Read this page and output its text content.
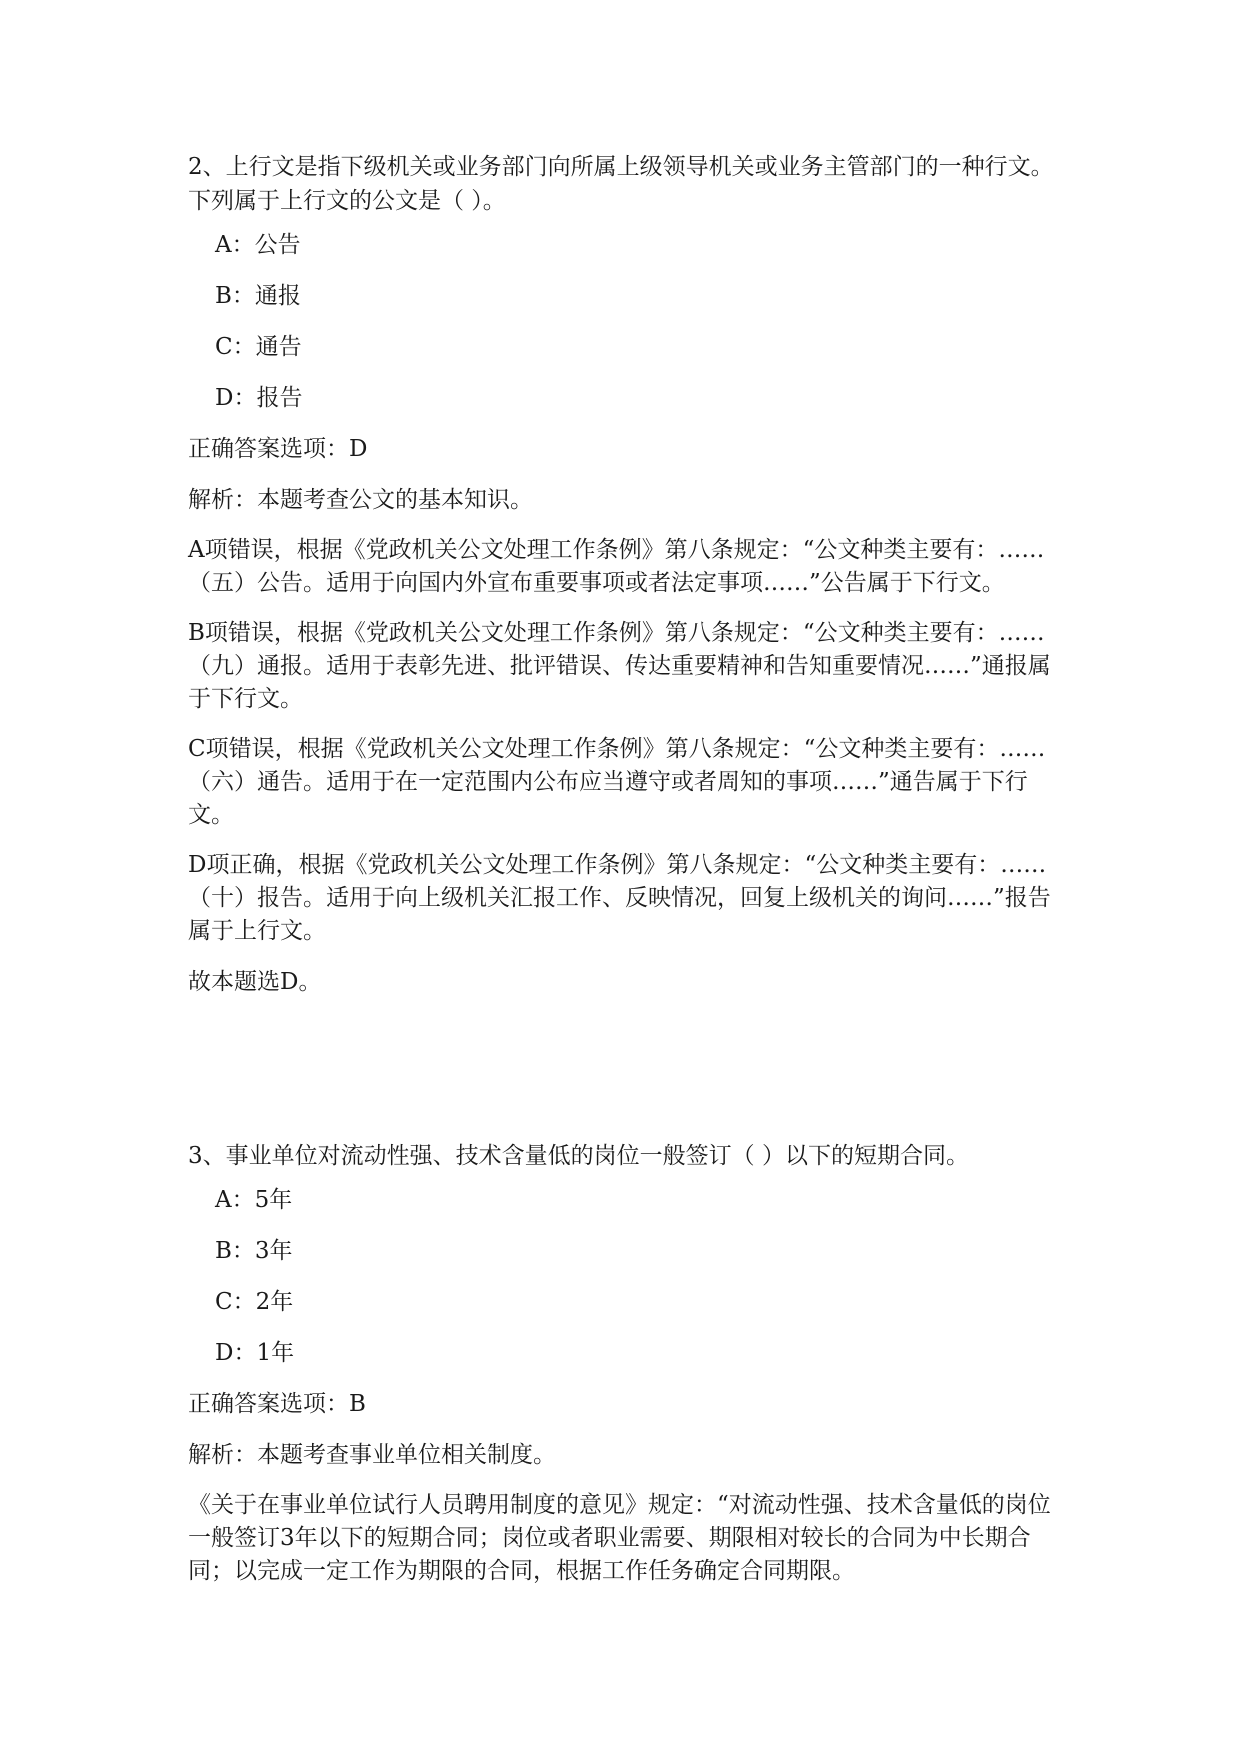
2、上行文是指下级机关或业务部门向所属上级领导机关或业务主管部门的一种行文。下列属于上行文的公文是（ ）。

A：公告
B：通报
C：通告
D：报告

正确答案选项：D

解析：本题考查公文的基本知识。

A项错误，根据《党政机关公文处理工作条例》第八条规定：“公文种类主要有：……（五）公告。适用于向国内外宣布重要事项或者法定事项……”公告属于下行文。

B项错误，根据《党政机关公文处理工作条例》第八条规定：“公文种类主要有：……（九）通报。适用于表彰先进、批评错误、传达重要精神和告知重要情况……”通报属于下行文。

C项错误，根据《党政机关公文处理工作条例》第八条规定：“公文种类主要有：……（六）通告。适用于在一定范围内公布应当遵守或者周知的事项……”通告属于下行文。

D项正确，根据《党政机关公文处理工作条例》第八条规定：“公文种类主要有：……（十）报告。适用于向上级机关汇报工作、反映情况，回复上级机关的询问……”报告属于上行文。

故本题选D。

3、事业单位对流动性强、技术含量低的岗位一般签订（ ）以下的短期合同。

A：5年
B：3年
C：2年
D：1年

正确答案选项：B

解析：本题考查事业单位相关制度。

《关于在事业单位试行人员聘用制度的意见》规定：“对流动性强、技术含量低的岗位一般签订3年以下的短期合同；岗位或者职业需要、期限相对较长的合同为中长期合同；以完成一定工作为期限的合同，根据工作任务确定合同期限。
